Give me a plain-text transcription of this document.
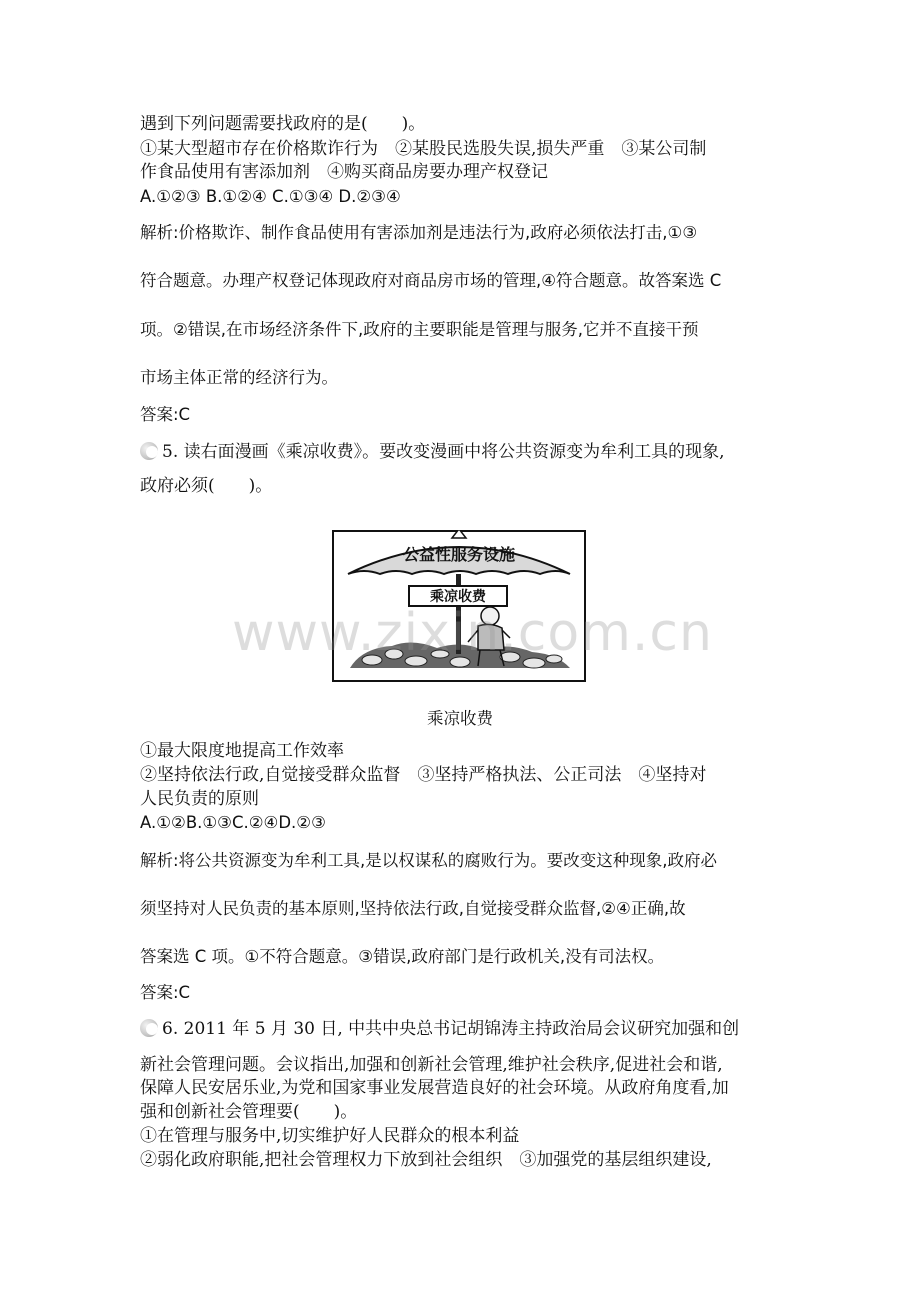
遇到下列问题需要找政府的是(　　)。
①某大型超市存在价格欺诈行为　②某股民选股失误,损失严重　③某公司制
作食品使用有害添加剂　④购买商品房要办理产权登记
A.①②③ B.①②④ C.①③④ D.②③④
解析:价格欺诈、制作食品使用有害添加剂是违法行为,政府必须依法打击,①③
符合题意。办理产权登记体现政府对商品房市场的管理,④符合题意。故答案选 C
项。②错误,在市场经济条件下,政府的主要职能是管理与服务,它并不直接干预
市场主体正常的经济行为。
答案:C
5. 读右面漫画《乘凉收费》。要改变漫画中将公共资源变为牟利工具的现象,
政府必须(　　)。
公益性服务设施
乘凉收费
www.zixin.com.cn
乘凉收费
①最大限度地提高工作效率
②坚持依法行政,自觉接受群众监督　③坚持严格执法、公正司法　④坚持对
人民负责的原则
A.①②B.①③C.②④D.②③
解析:将公共资源变为牟利工具,是以权谋私的腐败行为。要改变这种现象,政府必
须坚持对人民负责的基本原则,坚持依法行政,自觉接受群众监督,②④正确,故
答案选 C 项。①不符合题意。③错误,政府部门是行政机关,没有司法权。
答案:C
6. 2011 年 5 月 30 日, 中共中央总书记胡锦涛主持政治局会议研究加强和创
新社会管理问题。会议指出,加强和创新社会管理,维护社会秩序,促进社会和谐,
保障人民安居乐业,为党和国家事业发展营造良好的社会环境。从政府角度看,加
强和创新社会管理要(　　)。
①在管理与服务中,切实维护好人民群众的根本利益
②弱化政府职能,把社会管理权力下放到社会组织　③加强党的基层组织建设,
